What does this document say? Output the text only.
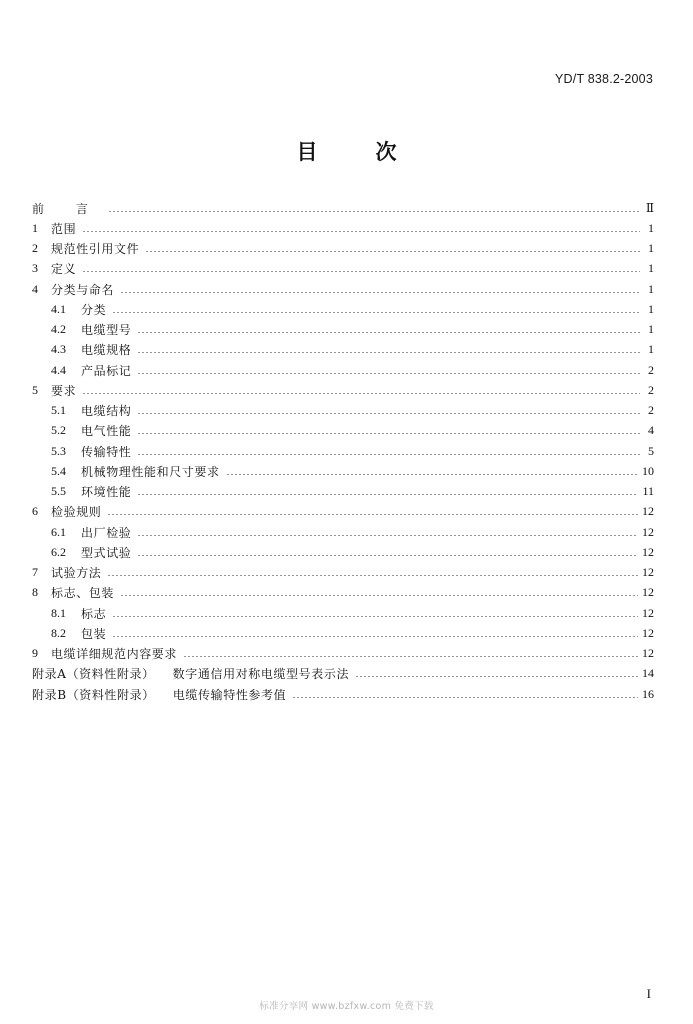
YD/T 838.2-2003
目	次
前 言	Ⅱ
1	范围	1
2	规范性引用文件	1
3	定义	1
4	分类与命名	1
4.1	分类	1
4.2	电缆型号	1
4.3	电缆规格	1
4.4	产品标记	2
5	要求	2
5.1	电缆结构	2
5.2	电气性能	4
5.3	传输特性	5
5.4	机械物理性能和尺寸要求	10
5.5	环境性能	11
6	检验规则	12
6.1	出厂检验	12
6.2	型式试验	12
7	试验方法	12
8	标志、包装	12
8.1	标志	12
8.2	包装	12
9	电缆详细规范内容要求	12
附录A（资料性附录） 数字通信用对称电缆型号表示法	14
附录B（资料性附录） 电缆传输特性参考值	16
标准分享网 www.bzfxw.com 免费下载
I
